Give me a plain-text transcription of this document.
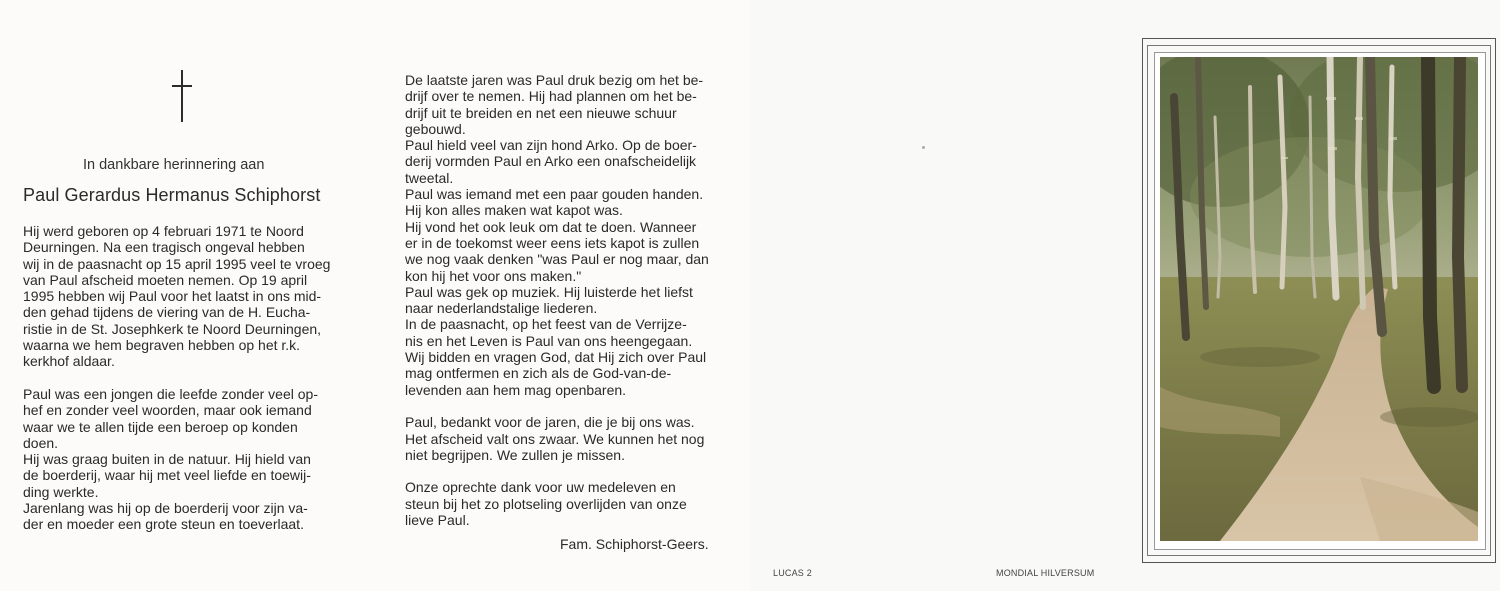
In dankbare herinnering aan
Paul Gerardus Hermanus Schiphorst

Hij werd geboren op 4 februari 1971 te Noord
Deurningen. Na een tragisch ongeval hebben
wij in de paasnacht op 15 april 1995 veel te vroeg
van Paul afscheid moeten nemen. Op 19 april
1995 hebben wij Paul voor het laatst in ons mid-
den gehad tijdens de viering van de H. Eucha-
ristie in de St. Josephkerk te Noord Deurningen,
waarna we hem begraven hebben op het r.k.
kerkhof aldaar.

Paul was een jongen die leefde zonder veel op-
hef en zonder veel woorden, maar ook iemand
waar we te allen tijde een beroep op konden
doen.
Hij was graag buiten in de natuur. Hij hield van
de boerderij, waar hij met veel liefde en toewij-
ding werkte.
Jarenlang was hij op de boerderij voor zijn va-
der en moeder een grote steun en toeverlaat.

De laatste jaren was Paul druk bezig om het be-
drijf over te nemen. Hij had plannen om het be-
drijf uit te breiden en net een nieuwe schuur
gebouwd.
Paul hield veel van zijn hond Arko. Op de boer-
derij vormden Paul en Arko een onafscheidelijk
tweetal.
Paul was iemand met een paar gouden handen.
Hij kon alles maken wat kapot was.
Hij vond het ook leuk om dat te doen. Wanneer
er in de toekomst weer eens iets kapot is zullen
we nog vaak denken "was Paul er nog maar, dan
kon hij het voor ons maken."
Paul was gek op muziek. Hij luisterde het liefst
naar nederlandstalige liederen.
In de paasnacht, op het feest van de Verrijze-
nis en het Leven is Paul van ons heengegaan.
Wij bidden en vragen God, dat Hij zich over Paul
mag ontfermen en zich als de God-van-de-
levenden aan hem mag openbaren.

Paul, bedankt voor de jaren, die je bij ons was.
Het afscheid valt ons zwaar. We kunnen het nog
niet begrijpen. We zullen je missen.

Onze oprechte dank voor uw medeleven en
steun bij het zo plotseling overlijden van onze
lieve Paul.

Fam. Schiphorst-Geers.
LUCAS 2	MONDIAL HILVERSUM
